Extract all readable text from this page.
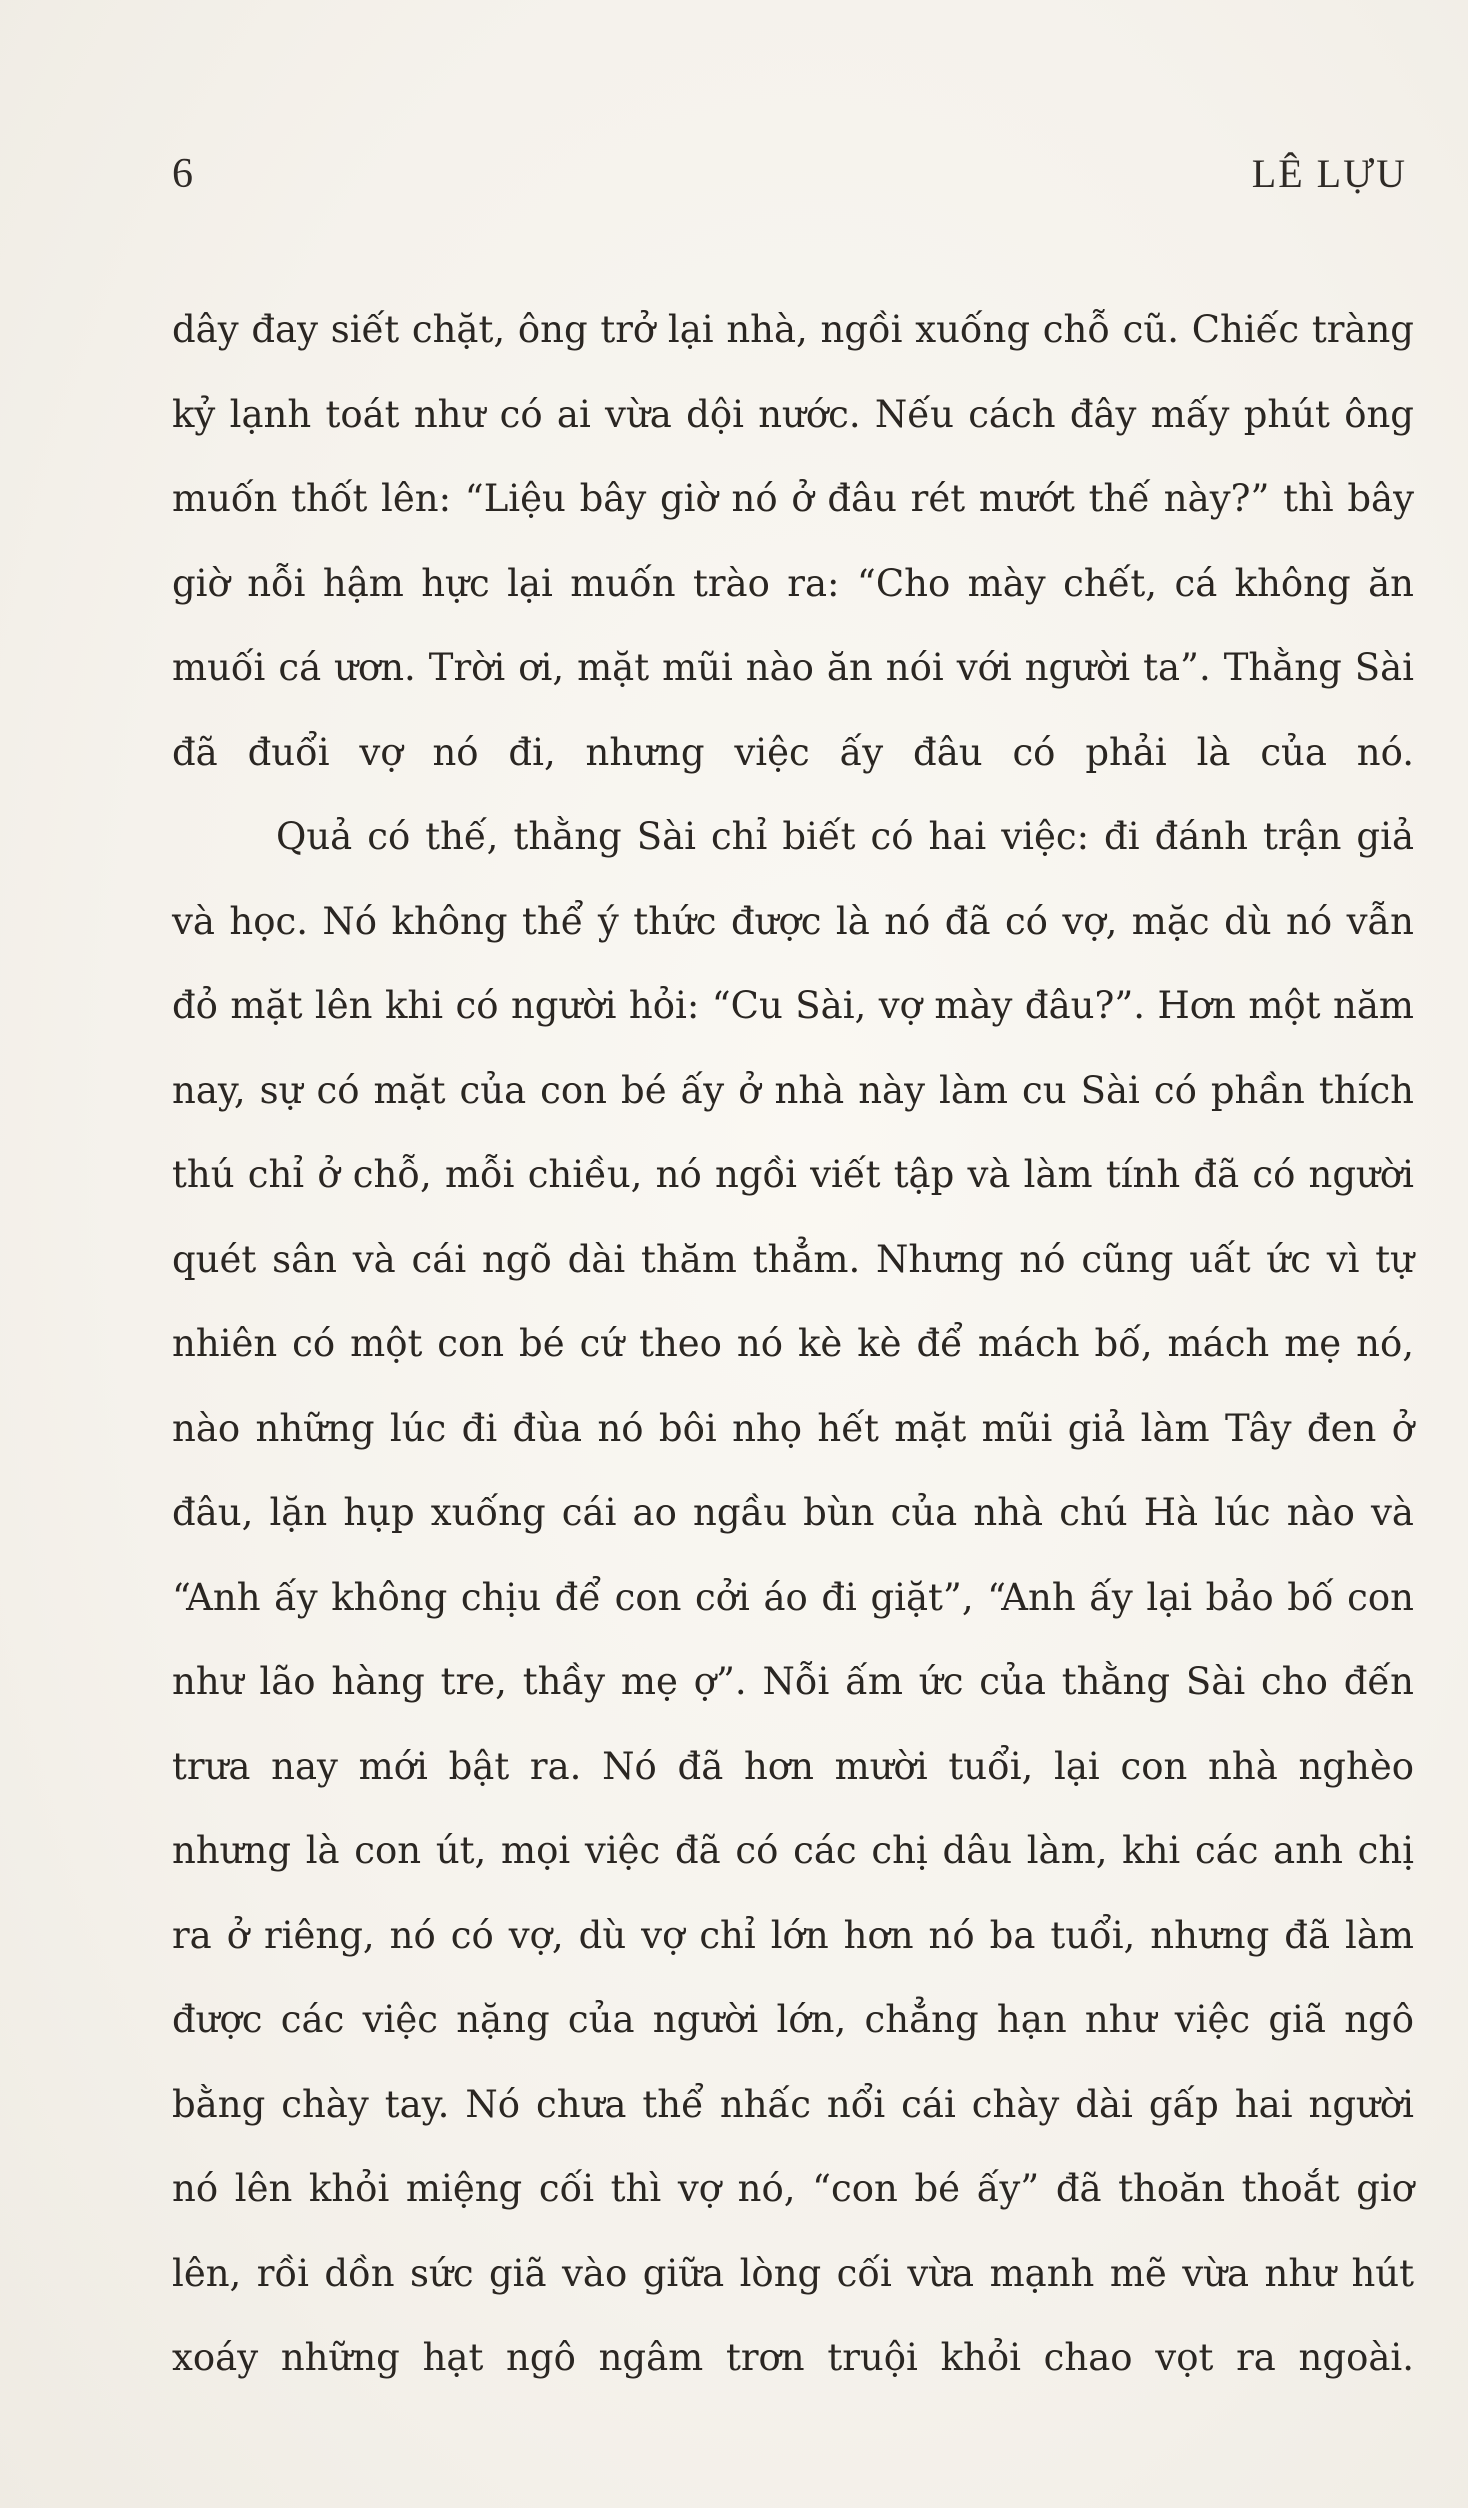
6	LÊ LỰU

dây đay siết chặt, ông trở lại nhà, ngồi xuống chỗ cũ. Chiếc tràng kỷ lạnh toát như có ai vừa dội nước. Nếu cách đây mấy phút ông muốn thốt lên: “Liệu bây giờ nó ở đâu rét mướt thế này?” thì bây giờ nỗi hậm hực lại muốn trào ra: “Cho mày chết, cá không ăn muối cá ươn. Trời ơi, mặt mũi nào ăn nói với người ta”. Thằng Sài đã đuổi vợ nó đi, nhưng việc ấy đâu có phải là của nó.

Quả có thế, thằng Sài chỉ biết có hai việc: đi đánh trận giả và học. Nó không thể ý thức được là nó đã có vợ, mặc dù nó vẫn đỏ mặt lên khi có người hỏi: “Cu Sài, vợ mày đâu?”. Hơn một năm nay, sự có mặt của con bé ấy ở nhà này làm cu Sài có phần thích thú chỉ ở chỗ, mỗi chiều, nó ngồi viết tập và làm tính đã có người quét sân và cái ngõ dài thăm thẳm. Nhưng nó cũng uất ức vì tự nhiên có một con bé cứ theo nó kè kè để mách bố, mách mẹ nó, nào những lúc đi đùa nó bôi nhọ hết mặt mũi giả làm Tây đen ở đâu, lặn hụp xuống cái ao ngầu bùn của nhà chú Hà lúc nào và “Anh ấy không chịu để con cởi áo đi giặt”, “Anh ấy lại bảo bố con như lão hàng tre, thầy mẹ ợ”. Nỗi ấm ức của thằng Sài cho đến trưa nay mới bật ra. Nó đã hơn mười tuổi, lại con nhà nghèo nhưng là con út, mọi việc đã có các chị dâu làm, khi các anh chị ra ở riêng, nó có vợ, dù vợ chỉ lớn hơn nó ba tuổi, nhưng đã làm được các việc nặng của người lớn, chẳng hạn như việc giã ngô bằng chày tay. Nó chưa thể nhấc nổi cái chày dài gấp hai người nó lên khỏi miệng cối thì vợ nó, “con bé ấy” đã thoăn thoắt giơ lên, rồi dồn sức giã vào giữa lòng cối vừa mạnh mẽ vừa như hút xoáy những hạt ngô ngâm trơn truội khỏi chao vọt ra ngoài.
